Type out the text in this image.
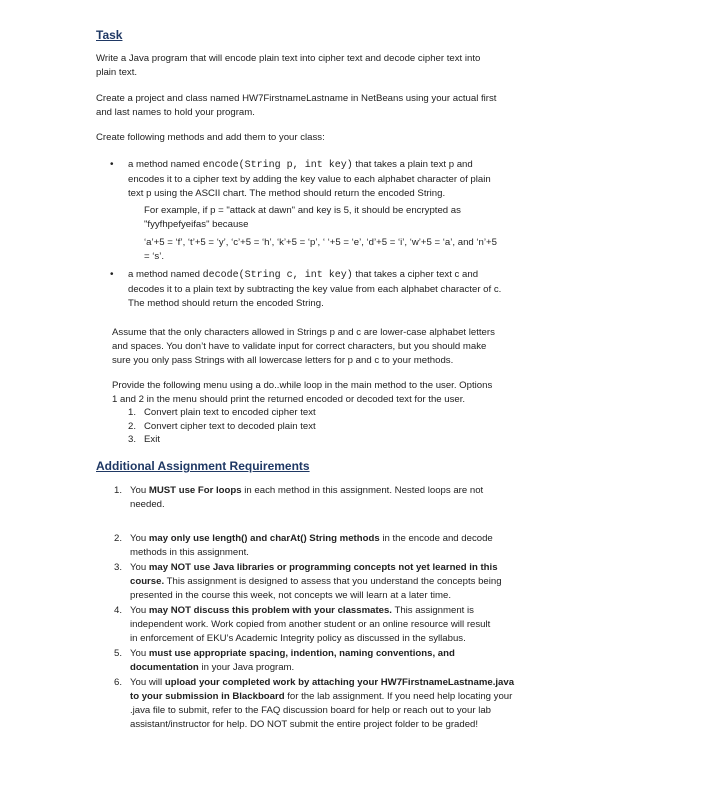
Task
Write a Java program that will encode plain text into cipher text and decode cipher text into
plain text.
Create a project and class named HW7FirstnameLastname in NetBeans using your actual first
and last names to hold your program.
Create following methods and add them to your class:
• a method named encode(String p, int key) that takes a plain text p and
encodes it to a cipher text by adding the key value to each alphabet character of plain
text p using the ASCII chart. The method should return the encoded String.
For example, if p = "attack at dawn" and key is 5, it should be encrypted as
"fyyfhpefyeifas" because
‘a’+5 = ‘f’, ‘t’+5 = ‘y’, ‘c’+5 = ‘h’, ‘k’+5 = ‘p’, ‘ ‘+5 = ‘e’, ‘d’+5 = ‘i’, ‘w’+5 = ‘a’, and ‘n’+5
= ‘s’.
• a method named decode(String c, int key) that takes a cipher text c and
decodes it to a plain text by subtracting the key value from each alphabet character of c.
The method should return the encoded String.
Assume that the only characters allowed in Strings p and c are lower-case alphabet letters
and spaces. You don’t have to validate input for correct characters, but you should make
sure you only pass Strings with all lowercase letters for p and c to your methods.
Provide the following menu using a do..while loop in the main method to the user. Options
1 and 2 in the menu should print the returned encoded or decoded text for the user.
1. Convert plain text to encoded cipher text
2. Convert cipher text to decoded plain text
3. Exit
Additional Assignment Requirements
1. You MUST use For loops in each method in this assignment. Nested loops are not
needed.
2. You may only use length() and charAt() String methods in the encode and decode
methods in this assignment.
3. You may NOT use Java libraries or programming concepts not yet learned in this
course. This assignment is designed to assess that you understand the concepts being
presented in the course this week, not concepts we will learn at a later time.
4. You may NOT discuss this problem with your classmates. This assignment is
independent work. Work copied from another student or an online resource will result
in enforcement of EKU’s Academic Integrity policy as discussed in the syllabus.
5. You must use appropriate spacing, indention, naming conventions, and
documentation in your Java program.
6. You will upload your completed work by attaching your HW7FirstnameLastname.java
to your submission in Blackboard for the lab assignment. If you need help locating your
.java file to submit, refer to the FAQ discussion board for help or reach out to your lab
assistant/instructor for help. DO NOT submit the entire project folder to be graded!
